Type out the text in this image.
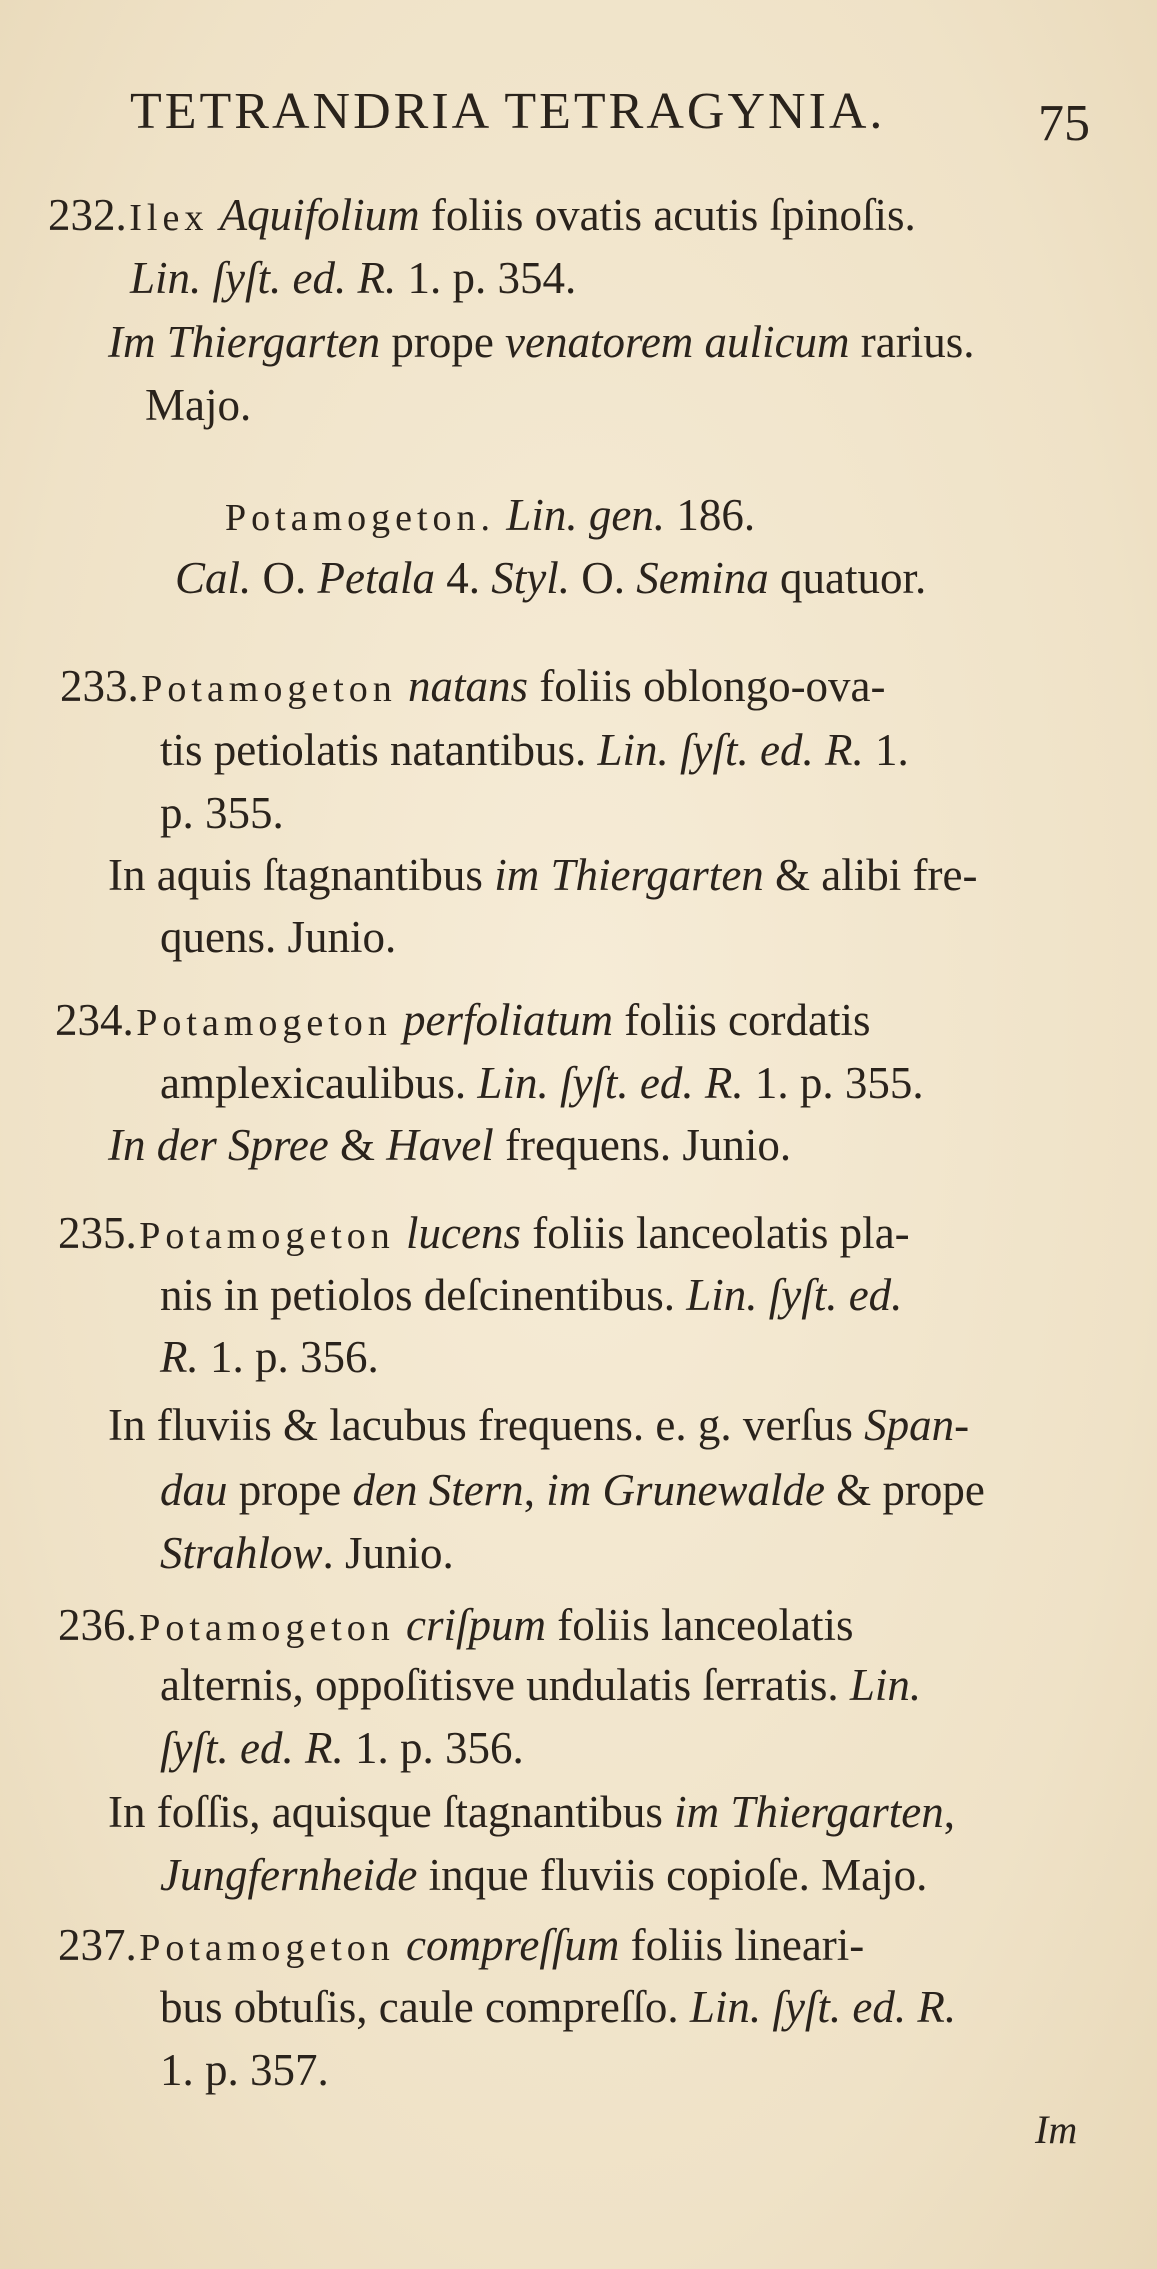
TETRANDRIA TETRAGYNIA.	75
232. Ilex Aquifolium foliis ovatis acutis ſpinoſis.
Lin. ſyſt. ed. R. 1. p. 354.
Im Thiergarten prope venatorem aulicum rarius.
Majo.
Potamogeton. Lin. gen. 186.
Cal. O. Petala 4. Styl. O. Semina quatuor.
233. Potamogeton natans foliis oblongo-ova-
tis petiolatis natantibus. Lin. ſyſt. ed. R. 1.
p. 355.
In aquis ſtagnantibus im Thiergarten & alibi fre-
quens. Junio.
234. Potamogeton perfoliatum foliis cordatis
amplexicaulibus. Lin. ſyſt. ed. R. 1. p. 355.
In der Spree & Havel frequens. Junio.
235. Potamogeton lucens foliis lanceolatis pla-
nis in petiolos deſcinentibus. Lin. ſyſt. ed.
R. 1. p. 356.
In fluviis & lacubus frequens. e. g. verſus Span-
dau prope den Stern, im Grunewalde & prope
Strahlow. Junio.
236. Potamogeton criſpum foliis lanceolatis
alternis, oppoſitisve undulatis ſerratis. Lin.
ſyſt. ed. R. 1. p. 356.
In foſſis, aquisque ſtagnantibus im Thiergarten,
Jungfernheide inque fluviis copioſe. Majo.
237. Potamogeton compreſſum foliis lineari-
bus obtuſis, caule compreſſo. Lin. ſyſt. ed. R.
1. p. 357.
Im
